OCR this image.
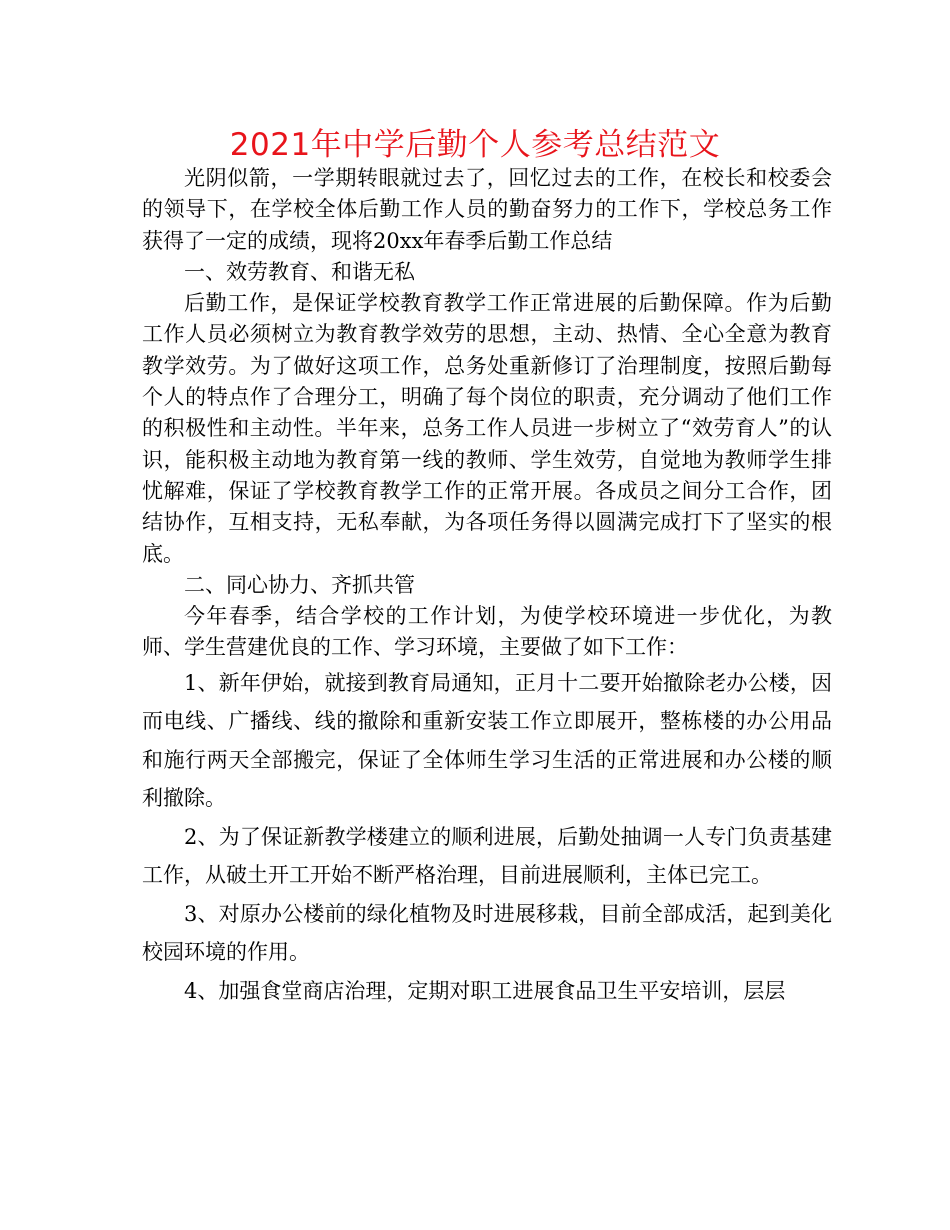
2021年中学后勤个人参考总结范文

光阴似箭，一学期转眼就过去了，回忆过去的工作，在校长和校委会的领导下，在学校全体后勤工作人员的勤奋努力的工作下，学校总务工作获得了一定的成绩，现将20xx年春季后勤工作总结

一、效劳教育、和谐无私

后勤工作，是保证学校教育教学工作正常进展的后勤保障。作为后勤工作人员必须树立为教育教学效劳的思想，主动、热情、全心全意为教育教学效劳。为了做好这项工作，总务处重新修订了治理制度，按照后勤每个人的特点作了合理分工，明确了每个岗位的职责，充分调动了他们工作的积极性和主动性。半年来，总务工作人员进一步树立了“效劳育人”的认识，能积极主动地为教育第一线的教师、学生效劳，自觉地为教师学生排忧解难，保证了学校教育教学工作的正常开展。各成员之间分工合作，团结协作，互相支持，无私奉献，为各项任务得以圆满完成打下了坚实的根底。

二、同心协力、齐抓共管

今年春季，结合学校的工作计划，为使学校环境进一步优化，为教师、学生营建优良的工作、学习环境，主要做了如下工作：

1、新年伊始，就接到教育局通知，正月十二要开始撤除老办公楼，因而电线、广播线、线的撤除和重新安装工作立即展开，整栋楼的办公用品和施行两天全部搬完，保证了全体师生学习生活的正常进展和办公楼的顺利撤除。

2、为了保证新教学楼建立的顺利进展，后勤处抽调一人专门负责基建工作，从破土开工开始不断严格治理，目前进展顺利，主体已完工。

3、对原办公楼前的绿化植物及时进展移栽，目前全部成活，起到美化校园环境的作用。

4、加强食堂商店治理，定期对职工进展食品卫生平安培训，层层
